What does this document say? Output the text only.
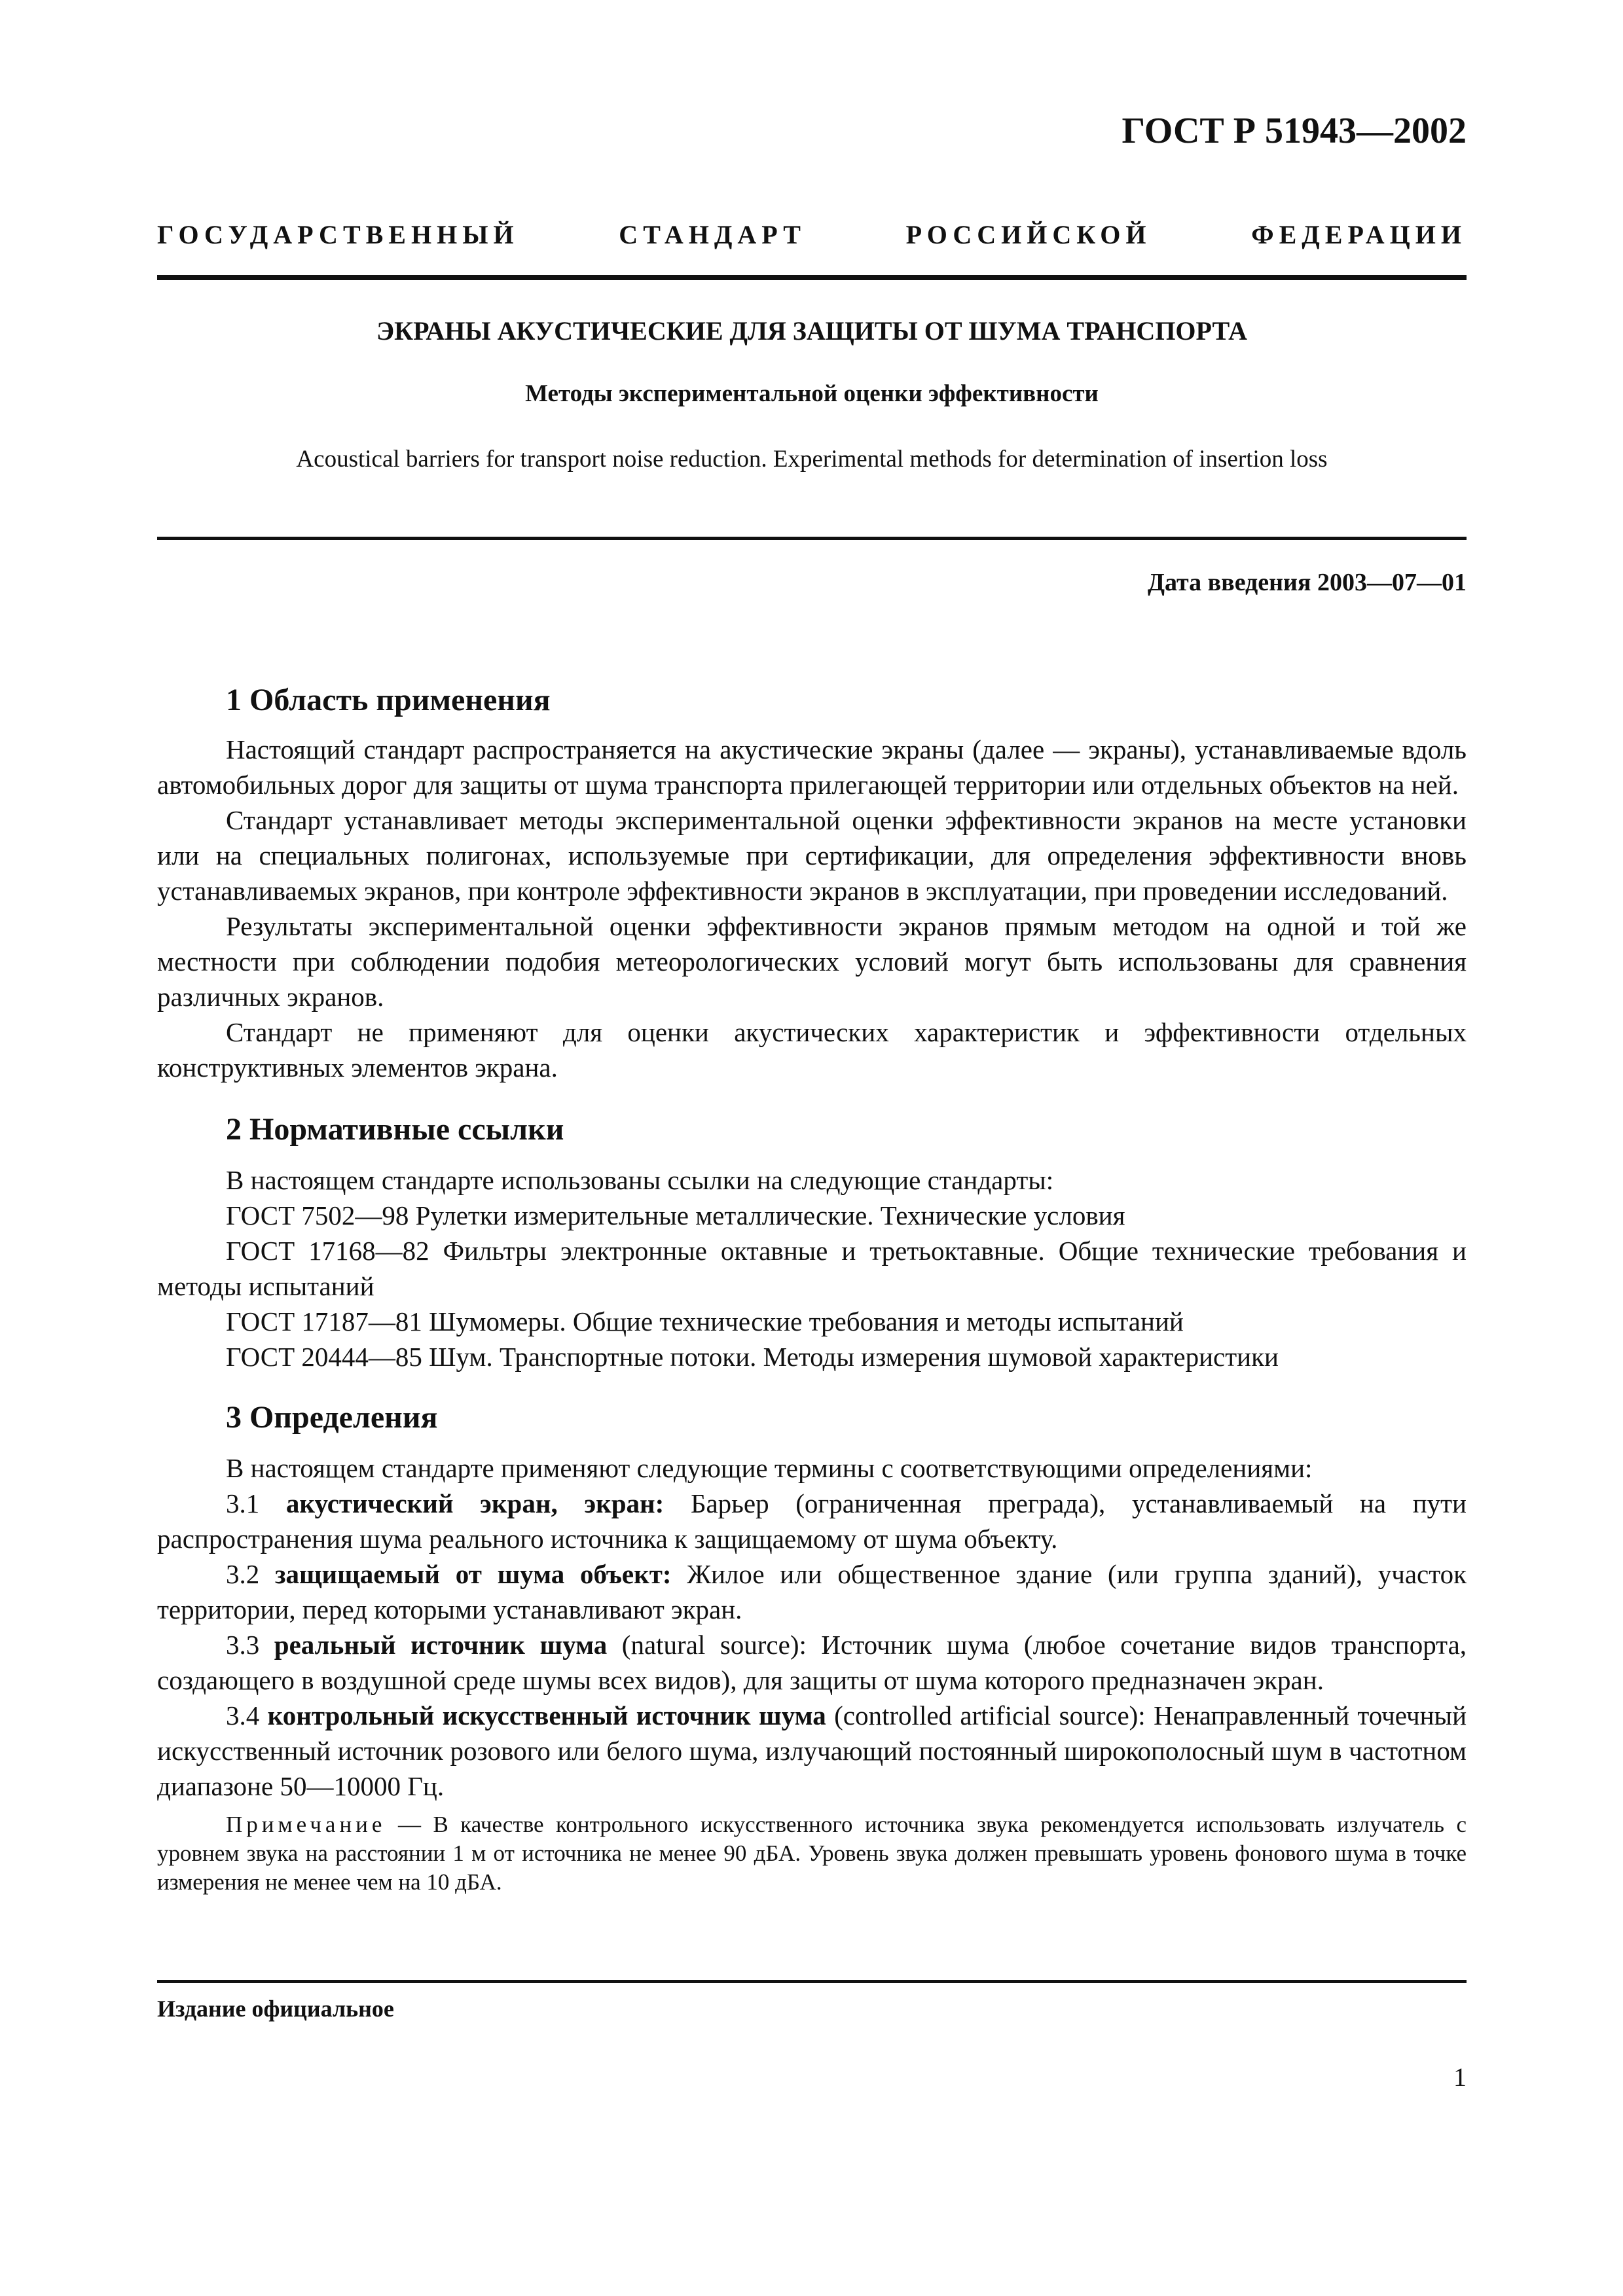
ГОСТ Р 51943—2002
ГОСУДАРСТВЕННЫЙ СТАНДАРТ РОССИЙСКОЙ ФЕДЕРАЦИИ
ЭКРАНЫ АКУСТИЧЕСКИЕ ДЛЯ ЗАЩИТЫ ОТ ШУМА ТРАНСПОРТА
Методы экспериментальной оценки эффективности
Acoustical barriers for transport noise reduction. Experimental methods for determination of insertion loss
Дата введения 2003—07—01
1 Область применения

Настоящий стандарт распространяется на акустические экраны (далее — экраны), устанавливаемые вдоль автомобильных дорог для защиты от шума транспорта прилегающей территории или отдельных объектов на ней.

Стандарт устанавливает методы экспериментальной оценки эффективности экранов на месте установки или на специальных полигонах, используемые при сертификации, для определения эффективности вновь устанавливаемых экранов, при контроле эффективности экранов в эксплуатации, при проведении исследований.

Результаты экспериментальной оценки эффективности экранов прямым методом на одной и той же местности при соблюдении подобия метеорологических условий могут быть использованы для сравнения различных экранов.

Стандарт не применяют для оценки акустических характеристик и эффективности отдельных конструктивных элементов экрана.

2 Нормативные ссылки

В настоящем стандарте использованы ссылки на следующие стандарты:

ГОСТ 7502—98 Рулетки измерительные металлические. Технические условия

ГОСТ 17168—82 Фильтры электронные октавные и третьоктавные. Общие технические требования и методы испытаний

ГОСТ 17187—81 Шумомеры. Общие технические требования и методы испытаний

ГОСТ 20444—85 Шум. Транспортные потоки. Методы измерения шумовой характеристики

3 Определения

В настоящем стандарте применяют следующие термины с соответствующими определениями:

3.1 акустический экран, экран: Барьер (ограниченная преграда), устанавливаемый на пути распространения шума реального источника к защищаемому от шума объекту.

3.2 защищаемый от шума объект: Жилое или общественное здание (или группа зданий), участок территории, перед которыми устанавливают экран.

3.3 реальный источник шума (natural source): Источник шума (любое сочетание видов транспорта, создающего в воздушной среде шумы всех видов), для защиты от шума которого предназначен экран.

3.4 контрольный искусственный источник шума (controlled artificial source): Ненаправленный точечный искусственный источник розового или белого шума, излучающий постоянный широкополосный шум в частотном диапазоне 50—10000 Гц.

Примечание — В качестве контрольного искусственного источника звука рекомендуется использовать излучатель с уровнем звука на расстоянии 1 м от источника не менее 90 дБА. Уровень звука должен превышать уровень фонового шума в точке измерения не менее чем на 10 дБА.

Издание официальное
1
